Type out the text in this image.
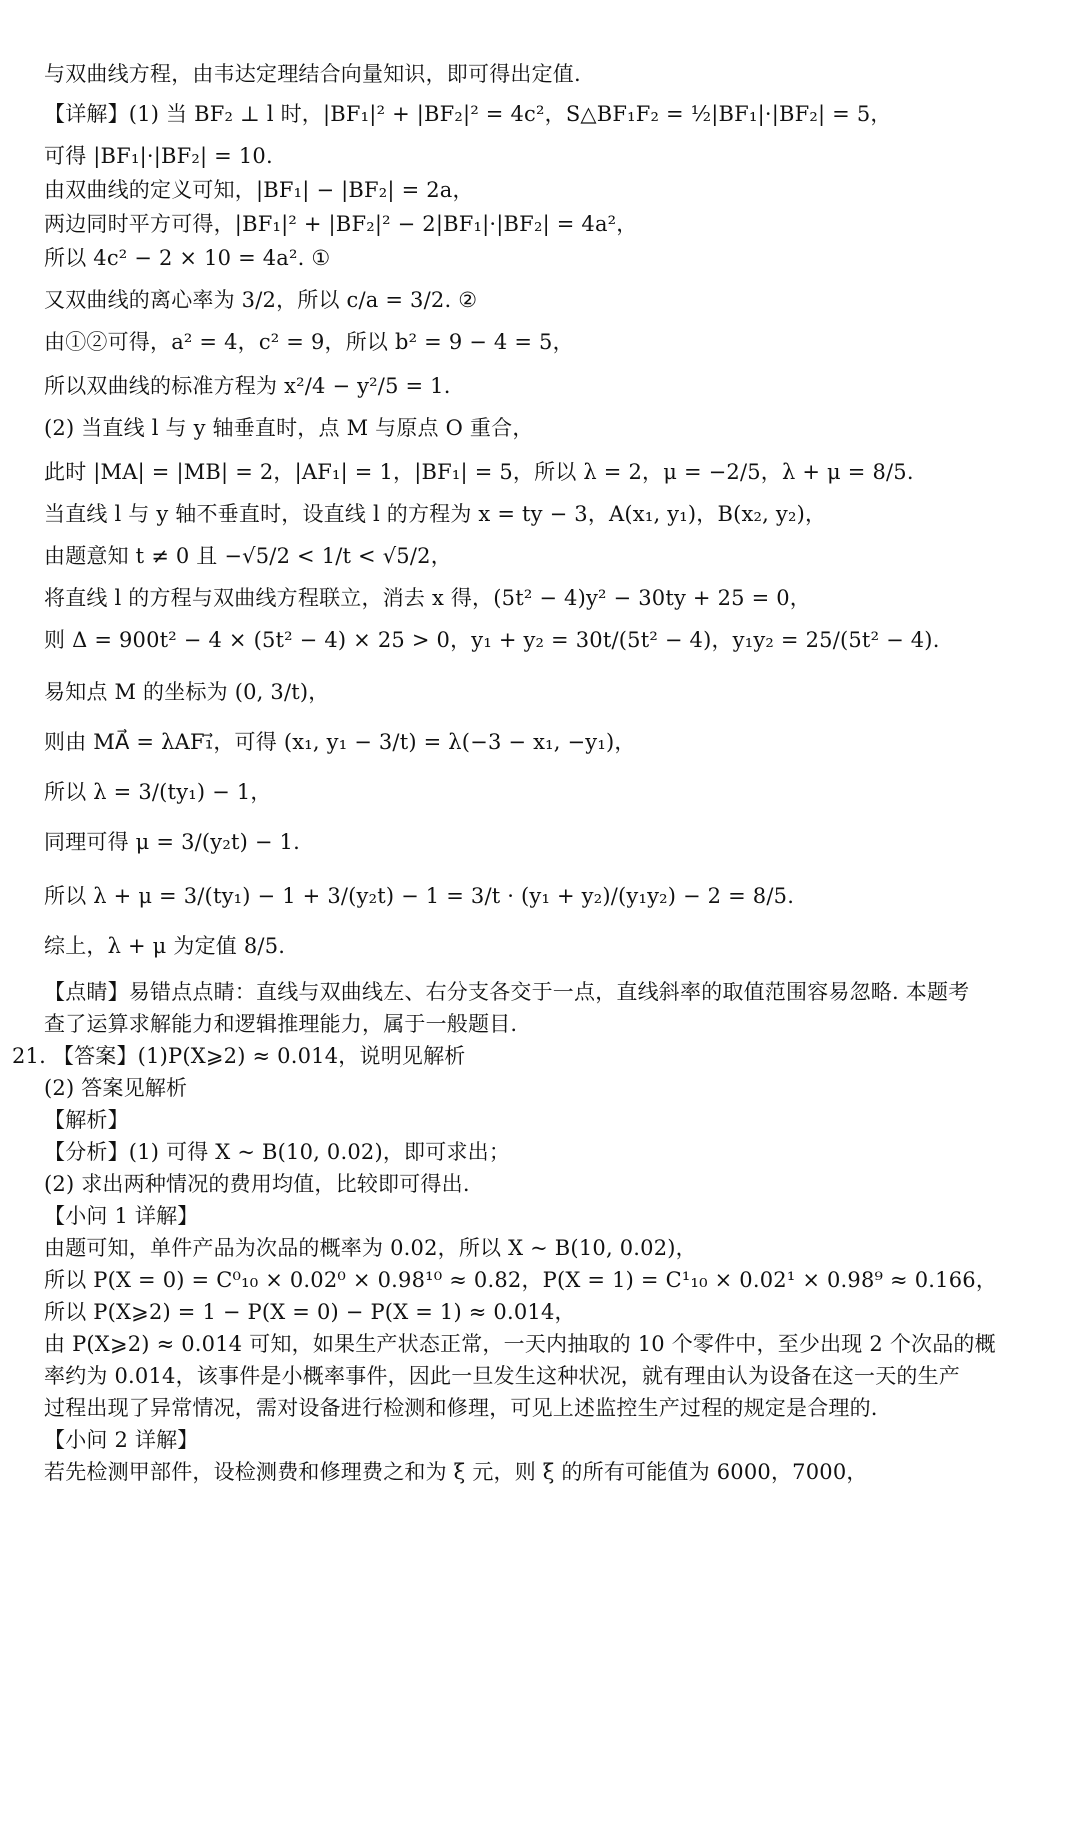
与双曲线方程，由韦达定理结合向量知识，即可得出定值.
【详解】(1) 当 BF₂ ⊥ l 时，|BF₁|² + |BF₂|² = 4c²，S△BF₁F₂ = ½|BF₁|·|BF₂| = 5，
可得 |BF₁|·|BF₂| = 10.
由双曲线的定义可知，|BF₁| − |BF₂| = 2a，
两边同时平方可得，|BF₁|² + |BF₂|² − 2|BF₁|·|BF₂| = 4a²，
所以 4c² − 2 × 10 = 4a². ①
又双曲线的离心率为 3/2，所以 c/a = 3/2. ②
由①②可得，a² = 4，c² = 9，所以 b² = 9 − 4 = 5，
所以双曲线的标准方程为 x²/4 − y²/5 = 1.
(2) 当直线 l 与 y 轴垂直时，点 M 与原点 O 重合，
此时 |MA| = |MB| = 2，|AF₁| = 1，|BF₁| = 5，所以 λ = 2，μ = −2/5，λ + μ = 8/5.
当直线 l 与 y 轴不垂直时，设直线 l 的方程为 x = ty − 3，A(x₁, y₁)，B(x₂, y₂)，
由题意知 t ≠ 0 且 −√5/2 < 1/t < √5/2，
将直线 l 的方程与双曲线方程联立，消去 x 得，(5t² − 4)y² − 30ty + 25 = 0，
则 Δ = 900t² − 4 × (5t² − 4) × 25 > 0，y₁ + y₂ = 30t/(5t² − 4)，y₁y₂ = 25/(5t² − 4).
易知点 M 的坐标为 (0, 3/t)，
则由 MA⃗ = λAF₁⃗，可得 (x₁, y₁ − 3/t) = λ(−3 − x₁, −y₁)，
所以 λ = 3/(ty₁) − 1，
同理可得 μ = 3/(y₂t) − 1.
所以 λ + μ = 3/(ty₁) − 1 + 3/(y₂t) − 1 = 3/t · (y₁ + y₂)/(y₁y₂) − 2 = 8/5.
综上，λ + μ 为定值 8/5.
【点睛】易错点点睛：直线与双曲线左、右分支各交于一点，直线斜率的取值范围容易忽略. 本题考
查了运算求解能力和逻辑推理能力，属于一般题目.
21. 【答案】(1)P(X⩾2) ≈ 0.014，说明见解析
(2) 答案见解析
【解析】
【分析】(1) 可得 X ~ B(10, 0.02)，即可求出；
(2) 求出两种情况的费用均值，比较即可得出.
【小问 1 详解】
由题可知，单件产品为次品的概率为 0.02，所以 X ~ B(10, 0.02)，
所以 P(X = 0) = C⁰₁₀ × 0.02⁰ × 0.98¹⁰ ≈ 0.82，P(X = 1) = C¹₁₀ × 0.02¹ × 0.98⁹ ≈ 0.166，
所以 P(X⩾2) = 1 − P(X = 0) − P(X = 1) ≈ 0.014，
由 P(X⩾2) ≈ 0.014 可知，如果生产状态正常，一天内抽取的 10 个零件中，至少出现 2 个次品的概
率约为 0.014，该事件是小概率事件，因此一旦发生这种状况，就有理由认为设备在这一天的生产
过程出现了异常情况，需对设备进行检测和修理，可见上述监控生产过程的规定是合理的.
【小问 2 详解】
若先检测甲部件，设检测费和修理费之和为 ξ 元，则 ξ 的所有可能值为 6000，7000，
